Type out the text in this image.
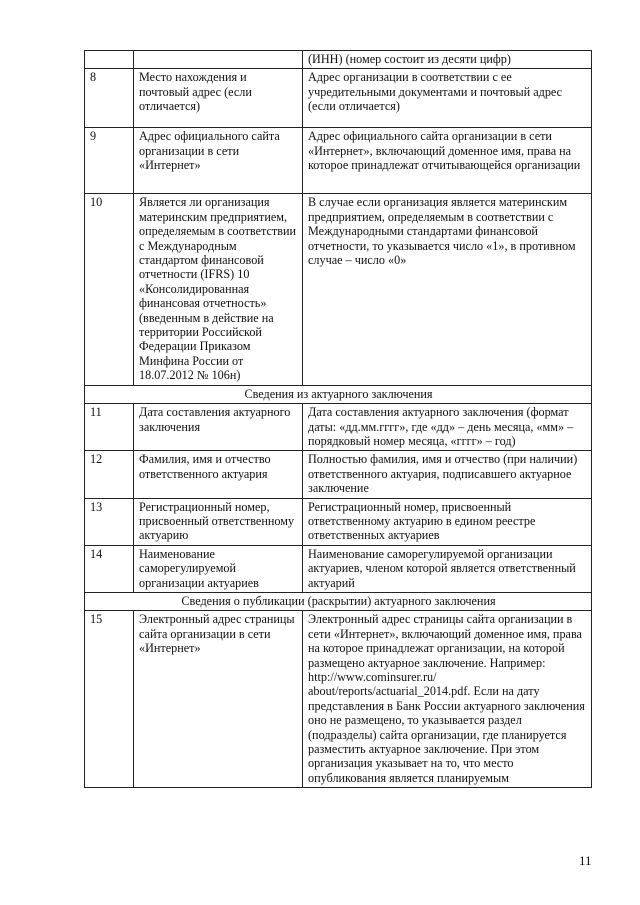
		(ИНН) (номер состоит из десяти цифр)
8	Место нахождения и почтовый адрес (если отличается)	Адрес организации в соответствии с ее учредительными документами и почтовый адрес (если отличается)
9	Адрес официального сайта организации в сети «Интернет»	Адрес официального сайта организации в сети «Интернет», включающий доменное имя, права на которое принадлежат отчитывающейся организации
10	Является ли организация материнским предприятием, определяемым в соответствии с Международным стандартом финансовой отчетности (IFRS) 10 «Консолидированная финансовая отчетность» (введенным в действие на территории Российской Федерации Приказом Минфина России от 18.07.2012 № 106н)	В случае если организация является материнским предприятием, определяемым в соответствии с Международными стандартами финансовой отчетности, то указывается число «1», в противном случае – число «0»
Сведения из актуарного заключения		
11	Дата составления актуарного заключения	Дата составления актуарного заключения (формат даты: «дд.мм.гггг», где «дд» – день месяца, «мм» – порядковый номер месяца, «гггг» – год)
12	Фамилия, имя и отчество ответственного актуария	Полностью фамилия, имя и отчество (при наличии) ответственного актуария, подписавшего актуарное заключение
13	Регистрационный номер, присвоенный ответственному актуарию	Регистрационный номер, присвоенный ответственному актуарию в едином реестре ответственных актуариев
14	Наименование саморегулируемой организации актуариев	Наименование саморегулируемой организации актуариев, членом которой является ответственный актуарий
Сведения о публикации (раскрытии) актуарного заключения		
15	Электронный адрес страницы сайта организации в сети «Интернет»	Электронный адрес страницы сайта организации в сети «Интернет», включающий доменное имя, права на которое принадлежат организации, на которой размещено актуарное заключение. Например: http://www.cominsurer.ru/ about/reports/actuarial_2014.pdf. Если на дату представления в Банк России актуарного заключения оно не размещено, то указывается раздел (подразделы) сайта организации, где планируется разместить актуарное заключение. При этом организация указывает на то, что место опубликования является планируемым
11
